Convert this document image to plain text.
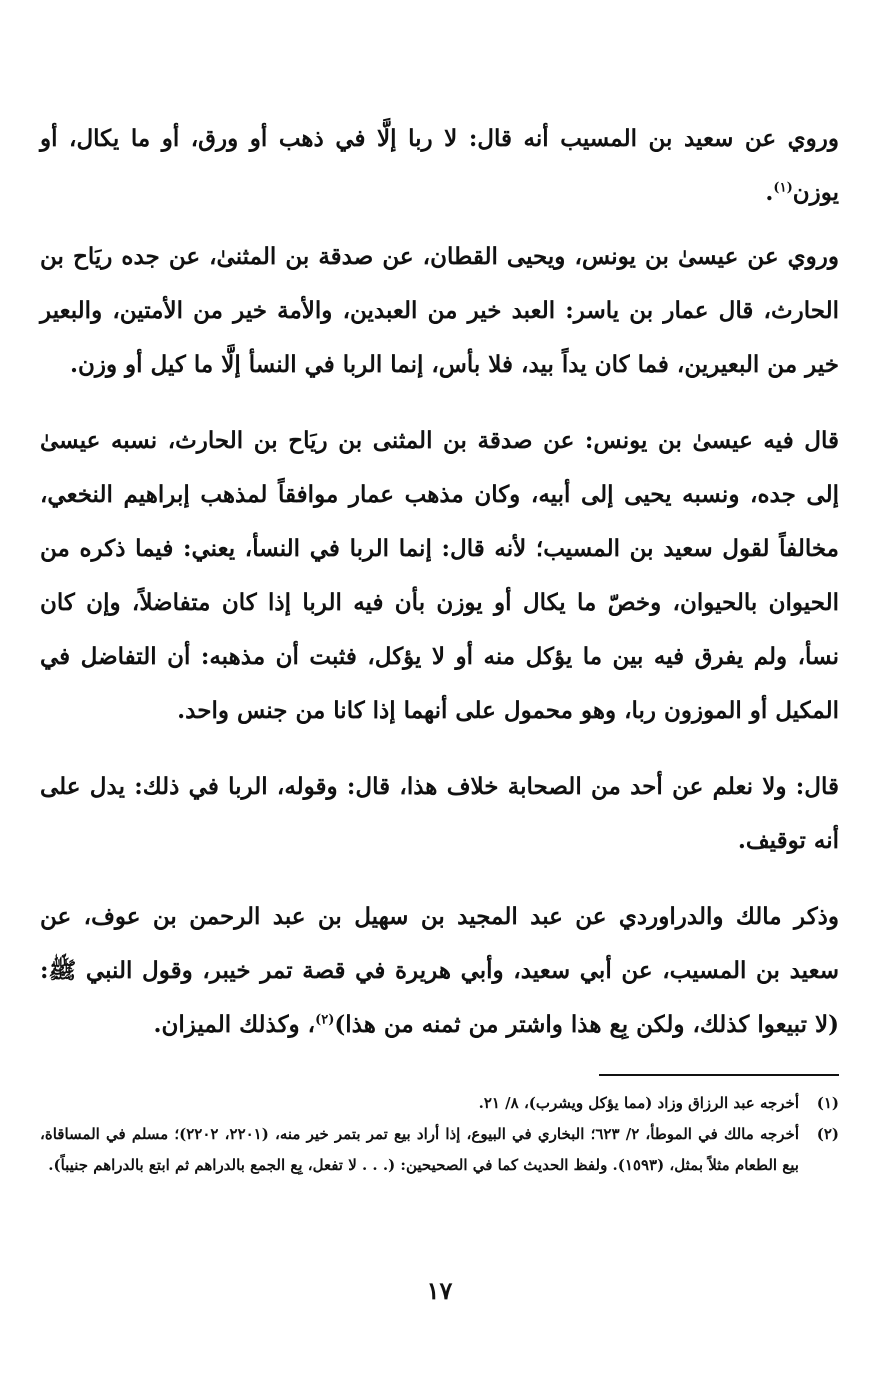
وروي عن سعيد بن المسيب أنه قال: لا ربا إلَّا في ذهب أو ورق، أو ما يكال، أو يوزن$^{(١)}$.

وروي عن عيسىٰ بن يونس، ويحيى القطان، عن صدقة بن المثنىٰ، عن جده ريَاح بن الحارث، قال عمار بن ياسر: العبد خير من العبدين، والأمة خير من الأمتين، والبعير خير من البعيرين، فما كان يداً بيد، فلا بأس، إنما الربا في النسأ إلَّا ما كيل أو وزن.

قال فيه عيسىٰ بن يونس: عن صدقة بن المثنى بن ريَاح بن الحارث، نسبه عيسىٰ إلى جده، ونسبه يحيى إلى أبيه، وكان مذهب عمار موافقاً لمذهب إبراهيم النخعي، مخالفاً لقول سعيد بن المسيب؛ لأنه قال: إنما الربا في النسأ، يعني: فيما ذكره من الحيوان بالحيوان، وخصّ ما يكال أو يوزن بأن فيه الربا إذا كان متفاضلاً، وإن كان نسأ، ولم يفرق فيه بين ما يؤكل منه أو لا يؤكل، فثبت أن مذهبه: أن التفاضل في المكيل أو الموزون ربا، وهو محمول على أنهما إذا كانا من جنس واحد.

قال: ولا نعلم عن أحد من الصحابة خلاف هذا، قال: وقوله، الربا في ذلك: يدل على أنه توقيف.

وذكر مالك والدراوردي عن عبد المجيد بن سهيل بن عبد الرحمن بن عوف، عن سعيد بن المسيب، عن أبي سعيد، وأبي هريرة في قصة تمر خيبر، وقول النبي ﷺ: (لا تبيعوا كذلك، ولكن بِع هذا واشتر من ثمنه من هذا)$^{(٢)}$، وكذلك الميزان.

(١)
أخرجه عبد الرزاق وزاد (مما يؤكل ويشرب)، ٨/ ٢١.

(٢)
أخرجه مالك في الموطأ، ٢/ ٦٢٣؛ البخاري في البيوع، إذا أراد بيع تمر بتمر خير منه، (٢٢٠١، ٢٢٠٢)؛ مسلم في المساقاة، بيع الطعام مثلاً بمثل، (١٥٩٣). ولفظ الحديث كما في الصحيحين: (. . . لا تفعل، بِع الجمع بالدراهم ثم ابتع بالدراهم جنيباً).

١٧
